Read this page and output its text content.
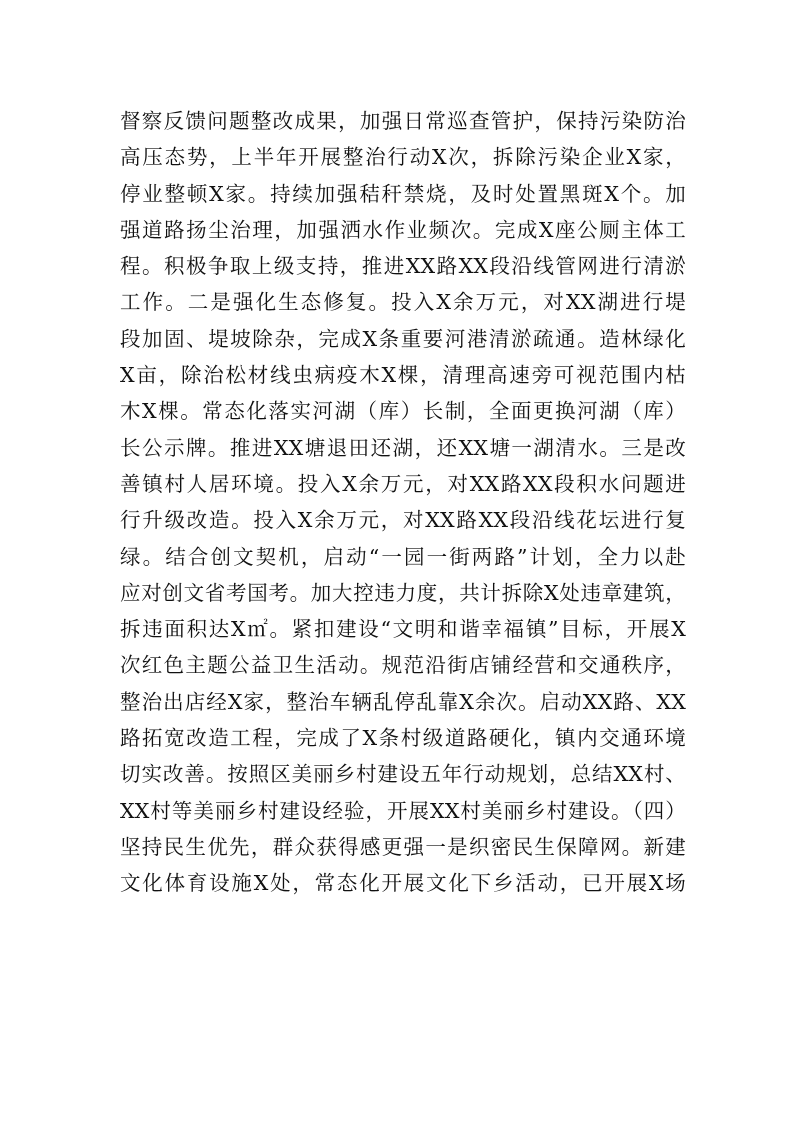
督察反馈问题整改成果，加强日常巡查管护，保持污染防治
高压态势，上半年开展整治行动X次，拆除污染企业X家，
停业整顿X家。持续加强秸秆禁烧，及时处置黑斑X个。加
强道路扬尘治理，加强洒水作业频次。完成X座公厕主体工
程。积极争取上级支持，推进XX路XX段沿线管网进行清淤
工作。二是强化生态修复。投入X余万元，对XX湖进行堤
段加固、堤坡除杂，完成X条重要河港清淤疏通。造林绿化
X亩，除治松材线虫病疫木X棵，清理高速旁可视范围内枯
木X棵。常态化落实河湖（库）长制，全面更换河湖（库）
长公示牌。推进XX塘退田还湖，还XX塘一湖清水。三是改
善镇村人居环境。投入X余万元，对XX路XX段积水问题进
行升级改造。投入X余万元，对XX路XX段沿线花坛进行复
绿。结合创文契机，启动“一园一街两路”计划，全力以赴
应对创文省考国考。加大控违力度，共计拆除X处违章建筑，
拆违面积达X㎡。紧扣建设“文明和谐幸福镇”目标，开展X
次红色主题公益卫生活动。规范沿街店铺经营和交通秩序，
整治出店经X家，整治车辆乱停乱靠X余次。启动XX路、XX
路拓宽改造工程，完成了X条村级道路硬化，镇内交通环境
切实改善。按照区美丽乡村建设五年行动规划，总结XX村、
XX村等美丽乡村建设经验，开展XX村美丽乡村建设。（四）
坚持民生优先，群众获得感更强一是织密民生保障网。新建
文化体育设施X处，常态化开展文化下乡活动，已开展X场
